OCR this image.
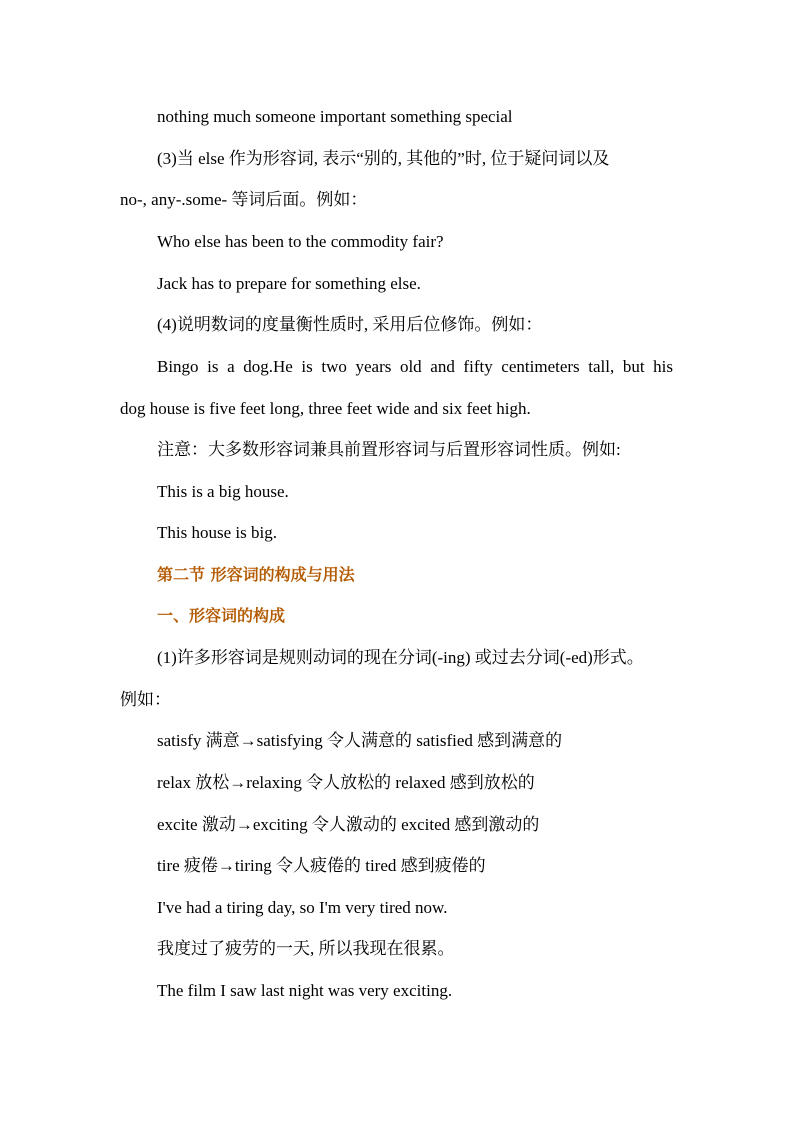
nothing much someone important something special
(3)当 else 作为形容词, 表示“别的, 其他的”时, 位于疑问词以及
no-, any-.some- 等词后面。例如：
Who else has been to the commodity fair?
Jack has to prepare for something else.
(4)说明数词的度量衡性质时, 采用后位修饰。例如：
Bingo is a dog.He is two years old and fifty centimeters tall, but his
dog house is five feet long, three feet wide and six feet high.
注意：大多数形容词兼具前置形容词与后置形容词性质。例如:
This is a big house.
This house is big.
第二节 形容词的构成与用法
一、形容词的构成
(1)许多形容词是规则动词的现在分词(-ing) 或过去分词(-ed)形式。
例如：
satisfy 满意→satisfying 令人满意的 satisfied 感到满意的
relax 放松→relaxing 令人放松的 relaxed 感到放松的
excite 激动→exciting 令人激动的 excited 感到激动的
tire 疲倦→tiring 令人疲倦的 tired 感到疲倦的
I've had a tiring day, so I'm very tired now.
我度过了疲劳的一天, 所以我现在很累。
The film I saw last night was very exciting.
